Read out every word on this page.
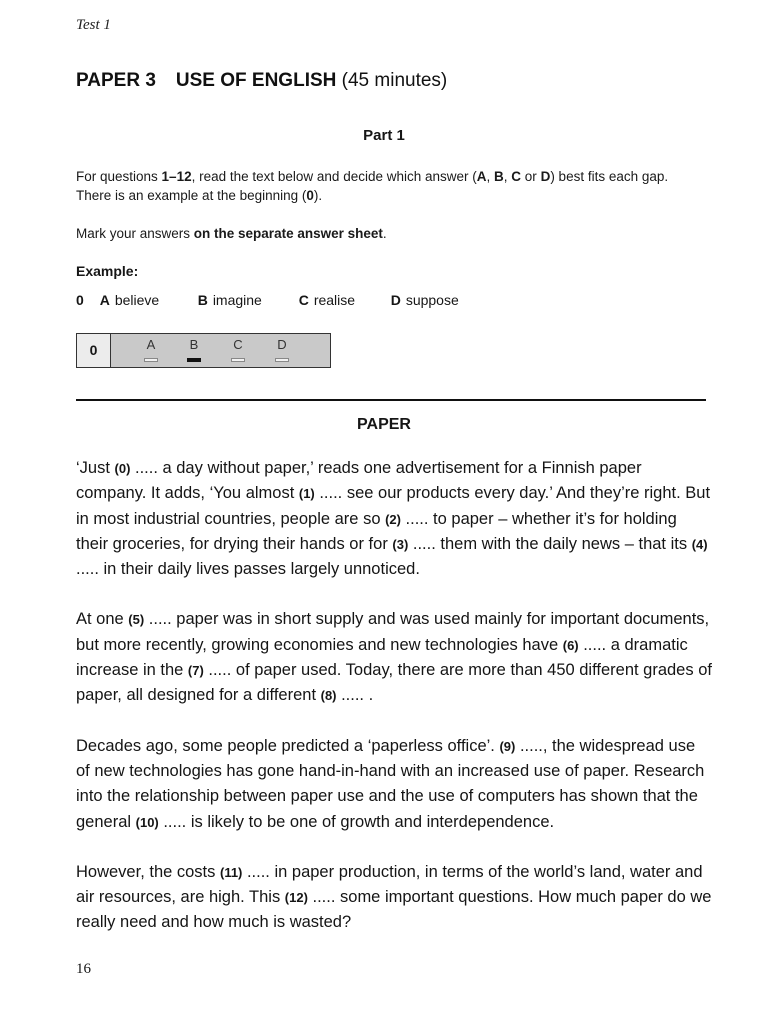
Test 1
PAPER 3 USE OF ENGLISH (45 minutes)
Part 1

For questions 1–12, read the text below and decide which answer (A, B, C or D) best fits each gap.

There is an example at the beginning (0).

Mark your answers on the separate answer sheet.
Example:
0 A believe	B imagine	C realise	D suppose
0	A	B	C	D
PAPER

‘Just (0) ..... a day without paper,’ reads one advertisement for a Finnish paper company. It adds, ‘You almost (1) ..... see our products every day.’ And they’re right. But in most industrial countries, people are so (2) ..... to paper – whether it’s for holding their groceries, for drying their hands or for (3) ..... them with the daily news – that its (4) ..... in their daily lives passes largely unnoticed.

At one (5) ..... paper was in short supply and was used mainly for important documents, but more recently, growing economies and new technologies have (6) ..... a dramatic increase in the (7) ..... of paper used. Today, there are more than 450 different grades of paper, all designed for a different (8) ..... .

Decades ago, some people predicted a ‘paperless office’. (9) ....., the widespread use of new technologies has gone hand-in-hand with an increased use of paper. Research into the relationship between paper use and the use of computers has shown that the general (10) ..... is likely to be one of growth and interdependence.

However, the costs (11) ..... in paper production, in terms of the world’s land, water and air resources, are high. This (12) ..... some important questions. How much paper do we really need and how much is wasted?

16
